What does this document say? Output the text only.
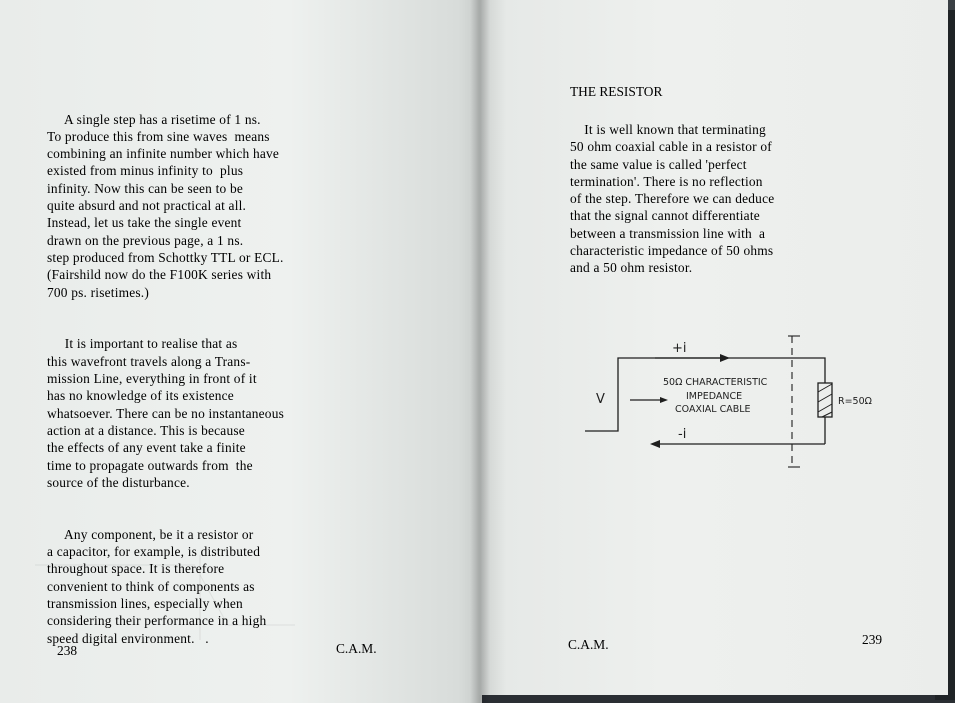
A single step has a risetime of 1 ns.
To produce this from sine waves  means
combining an infinite number which have
existed from minus infinity to  plus
infinity. Now this can be seen to be
quite absurd and not practical at all.
Instead, let us take the single event
drawn on the previous page, a 1 ns.
step produced from Schottky TTL or ECL.
(Fairshild now do the F100K series with
700 ps. risetimes.)

It is important to realise that as
this wavefront travels along a Trans-
mission Line, everything in front of it
has no knowledge of its existence
whatsoever. There can be no instantaneous
action at a distance. This is because
the effects of any event take a finite
time to propagate outwards from  the
source of the disturbance.

Any component, be it a resistor or
a capacitor, for example, is distributed
throughout space. It is therefore
convenient to think of components as
transmission lines, especially when
considering their performance in a high
speed digital environment.   .

238	C.A.M.
THE RESISTOR
It is well known that terminating
50 ohm coaxial cable in a resistor of
the same value is called 'perfect
termination'. There is no reflection
of the step. Therefore we can deduce
that the signal cannot differentiate
between a transmission line with  a
characteristic impedance of 50 ohms
and a 50 ohm resistor.
+i
-i
V
50Ω CHARACTERISTIC
IMPEDANCE
COAXIAL CABLE
R=50Ω
C.A.M.	239
